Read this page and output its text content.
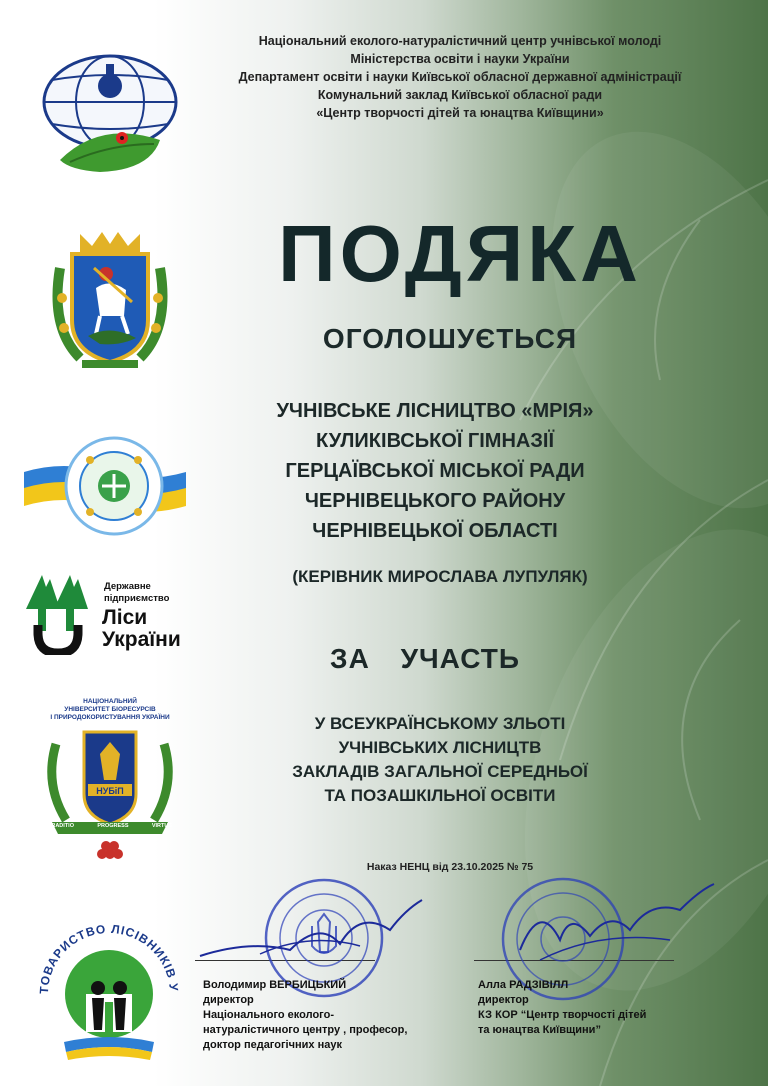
Державне
підприємство
Ліси
України
НАЦІОНАЛЬНИЙ
УНІВЕРСИТЕТ БІОРЕСУРСІВ
І ПРИРОДОКОРИСТУВАННЯ УКРАЇНИ
НУБіП
TRADITIO	PROGRESS	VIRTUS
ТОВАРИСТВО ЛІСІВНИКІВ У
Національний еколого-натуралістичний центр учнівської молоді
Міністерства освіти і науки України
Департамент освіти і науки Київської обласної державної адміністрації
Комунальний заклад Київської обласної ради
«Центр творчості дітей та юнацтва Київщини»
ПОДЯКА
ОГОЛОШУЄТЬСЯ
УЧНІВСЬКЕ ЛІСНИЦТВО «МРІЯ»
КУЛИКІВСЬКОЇ ГІМНАЗІЇ
ГЕРЦАЇВСЬКОЇ МІСЬКОЇ РАДИ
ЧЕРНІВЕЦЬКОГО РАЙОНУ
ЧЕРНІВЕЦЬКОЇ ОБЛАСТІ
(КЕРІВНИК МИРОСЛАВА ЛУПУЛЯК)
ЗА УЧАСТЬ
У ВСЕУКРАЇНСЬКОМУ ЗЛЬОТІ
УЧНІВСЬКИХ ЛІСНИЦТВ
ЗАКЛАДІВ ЗАГАЛЬНОЇ СЕРЕДНЬОЇ
ТА ПОЗАШКІЛЬНОЇ ОСВІТИ
Наказ НЕНЦ від 23.10.2025 № 75
Володимир ВЕРБИЦЬКИЙ
директор
Національного еколого-
натуралістичного центру , професор,
доктор педагогічних наук
Алла РАДЗІВІЛЛ
директор
КЗ КОР “Центр творчості дітей
та юнацтва Київщини”
